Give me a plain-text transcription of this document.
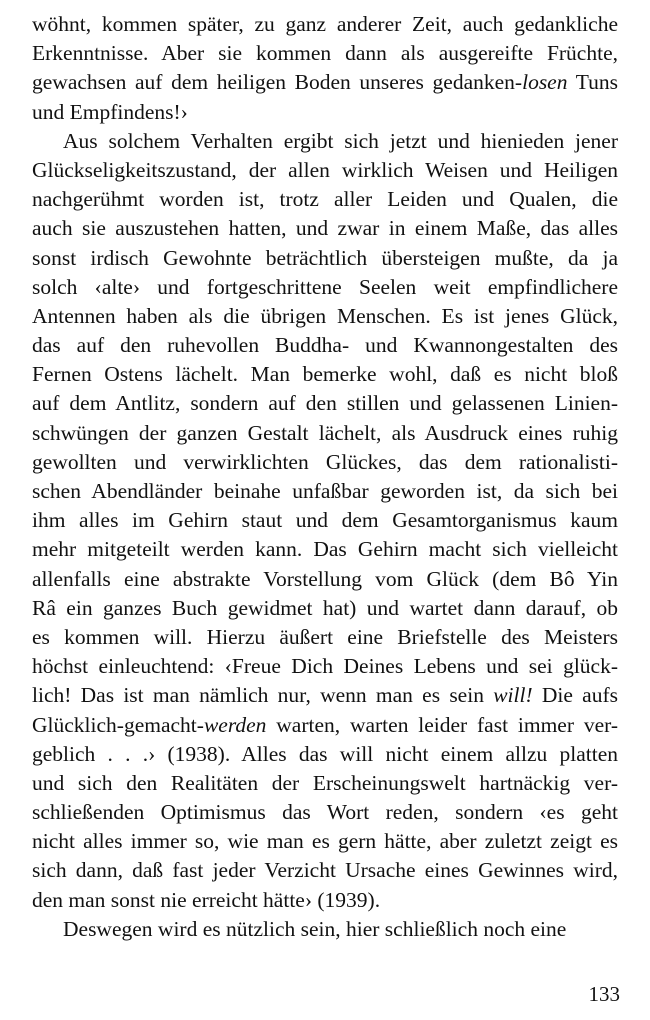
wöhnt, kommen später, zu ganz anderer Zeit, auch gedankliche
Erkenntnisse. Aber sie kommen dann als ausgereifte Früchte,
gewachsen auf dem heiligen Boden unseres gedanken-losen Tuns
und Empfindens!›
Aus solchem Verhalten ergibt sich jetzt und hienieden jener
Glückseligkeitszustand, der allen wirklich Weisen und Heiligen
nachgerühmt worden ist, trotz aller Leiden und Qualen, die
auch sie auszustehen hatten, und zwar in einem Maße, das alles
sonst irdisch Gewohnte beträchtlich übersteigen mußte, da ja
solch ‹alte› und fortgeschrittene Seelen weit empfindlichere
Antennen haben als die übrigen Menschen. Es ist jenes Glück,
das auf den ruhevollen Buddha- und Kwannongestalten des
Fernen Ostens lächelt. Man bemerke wohl, daß es nicht bloß
auf dem Antlitz, sondern auf den stillen und gelassenen Linien-
schwüngen der ganzen Gestalt lächelt, als Ausdruck eines ruhig
gewollten und verwirklichten Glückes, das dem rationalisti-
schen Abendländer beinahe unfaßbar geworden ist, da sich bei
ihm alles im Gehirn staut und dem Gesamtorganismus kaum
mehr mitgeteilt werden kann. Das Gehirn macht sich vielleicht
allenfalls eine abstrakte Vorstellung vom Glück (dem Bô Yin
Râ ein ganzes Buch gewidmet hat) und wartet dann darauf, ob
es kommen will. Hierzu äußert eine Briefstelle des Meisters
höchst einleuchtend: ‹Freue Dich Deines Lebens und sei glück-
lich! Das ist man nämlich nur, wenn man es sein will! Die aufs
Glücklich-gemacht-werden warten, warten leider fast immer ver-
geblich . . .› (1938). Alles das will nicht einem allzu platten
und sich den Realitäten der Erscheinungswelt hartnäckig ver-
schließenden Optimismus das Wort reden, sondern ‹es geht
nicht alles immer so, wie man es gern hätte, aber zuletzt zeigt es
sich dann, daß fast jeder Verzicht Ursache eines Gewinnes wird,
den man sonst nie erreicht hätte› (1939).
Deswegen wird es nützlich sein, hier schließlich noch eine
133
